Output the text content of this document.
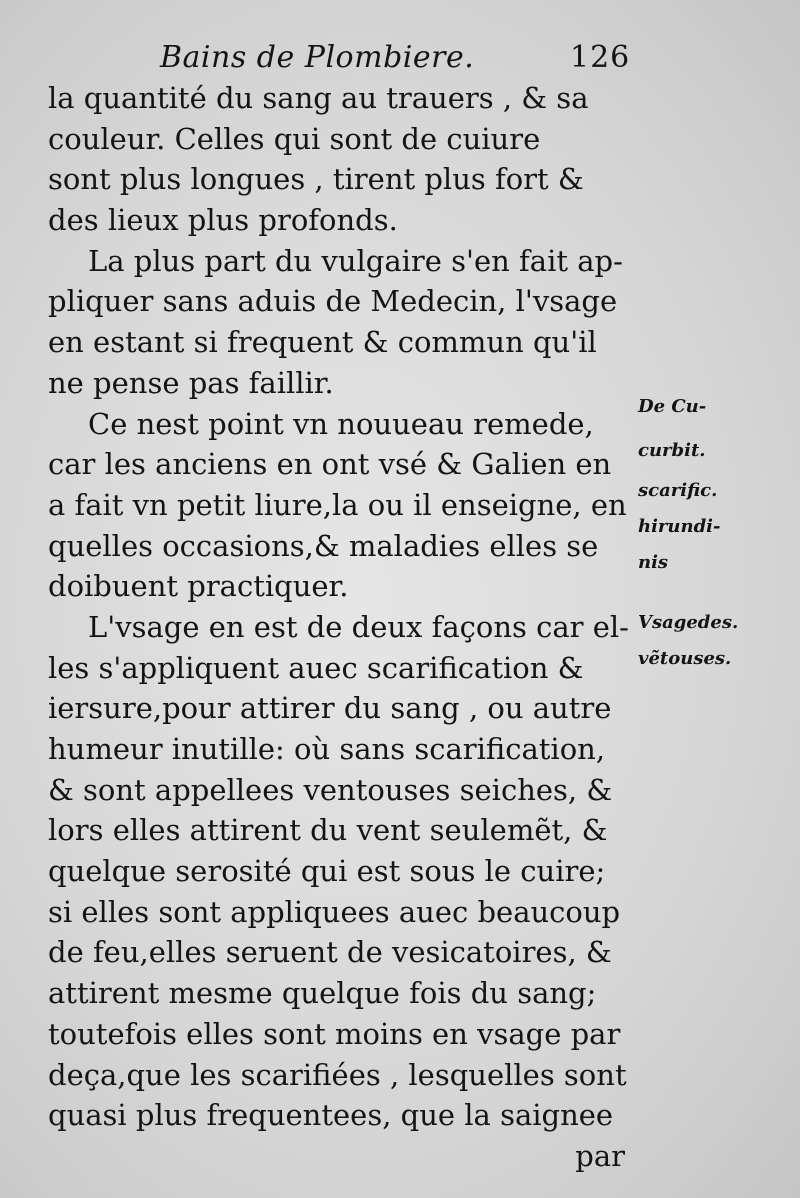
Bains de Plombiere.	126
la quantité du sang au trauers , & sa
couleur. Celles qui sont de cuiure
sont plus longues , tirent plus fort &
des lieux plus profonds.
La plus part du vulgaire s'en fait ap-
pliquer sans aduis de Medecin, l'vsage
en estant si frequent & commun qu'il
ne pense pas faillir.
Ce nest point vn nouueau remede,
car les anciens en ont vsé & Galien en
a fait vn petit liure,la ou il enseigne, en
quelles occasions,& maladies elles se
doibuent practiquer.
L'vsage en est de deux façons car el-
les s'appliquent auec scarification &
iersure,pour attirer du sang , ou autre
humeur inutille: où sans scarification,
& sont appellees ventouses seiches, &
lors elles attirent du vent seulemẽt, &
quelque serosité qui est sous le cuire;
si elles sont appliquees auec beaucoup
de feu,elles seruent de vesicatoires, &
attirent mesme quelque fois du sang;
toutefois elles sont moins en vsage par
deça,que les scarifiées , lesquelles sont
quasi plus frequentees, que la saignee
par
De Cu-
curbit.
scarific.
hirundi-
nis
Vsagedes.
vẽtouses.
